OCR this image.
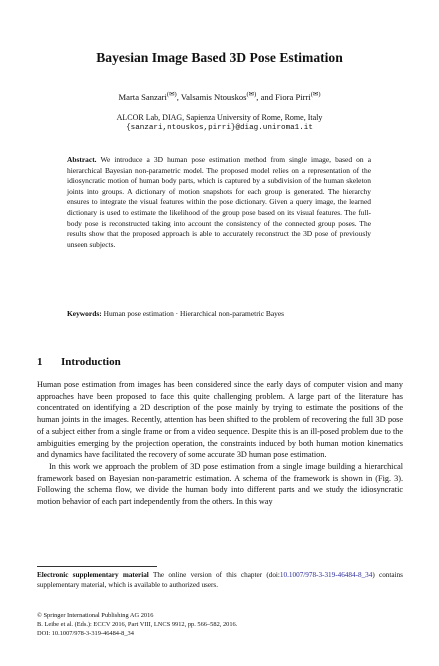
Bayesian Image Based 3D Pose Estimation
Marta Sanzari(✉), Valsamis Ntouskos(✉), and Fiora Pirri(✉)
ALCOR Lab, DIAG, Sapienza University of Rome, Rome, Italy
{sanzari,ntouskos,pirri}@diag.uniroma1.it
Abstract. We introduce a 3D human pose estimation method from single image, based on a hierarchical Bayesian non-parametric model. The proposed model relies on a representation of the idiosyncratic motion of human body parts, which is captured by a subdivision of the human skeleton joints into groups. A dictionary of motion snapshots for each group is generated. The hierarchy ensures to integrate the visual features within the pose dictionary. Given a query image, the learned dictionary is used to estimate the likelihood of the group pose based on its visual features. The full-body pose is reconstructed taking into account the consistency of the connected group poses. The results show that the proposed approach is able to accurately reconstruct the 3D pose of previously unseen subjects.
Keywords: Human pose estimation · Hierarchical non-parametric Bayes
1 Introduction

Human pose estimation from images has been considered since the early days of computer vision and many approaches have been proposed to face this quite challenging problem. A large part of the literature has concentrated on identifying a 2D description of the pose mainly by trying to estimate the positions of the human joints in the images. Recently, attention has been shifted to the problem of recovering the full 3D pose of a subject either from a single frame or from a video sequence. Despite this is an ill-posed problem due to the ambiguities emerging by the projection operation, the constraints induced by both human motion kinematics and dynamics have facilitated the recovery of some accurate 3D human pose estimation.

In this work we approach the problem of 3D pose estimation from a single image building a hierarchical framework based on Bayesian non-parametric estimation. A schema of the framework is shown in (Fig. 3). Following the schema flow, we divide the human body into different parts and we study the idiosyncratic motion behavior of each part independently from the others. In this way

Electronic supplementary material The online version of this chapter (doi:10.1007/978-3-319-46484-8_34) contains supplementary material, which is available to authorized users.
© Springer International Publishing AG 2016
B. Leibe et al. (Eds.): ECCV 2016, Part VIII, LNCS 9912, pp. 566–582, 2016.
DOI: 10.1007/978-3-319-46484-8_34
